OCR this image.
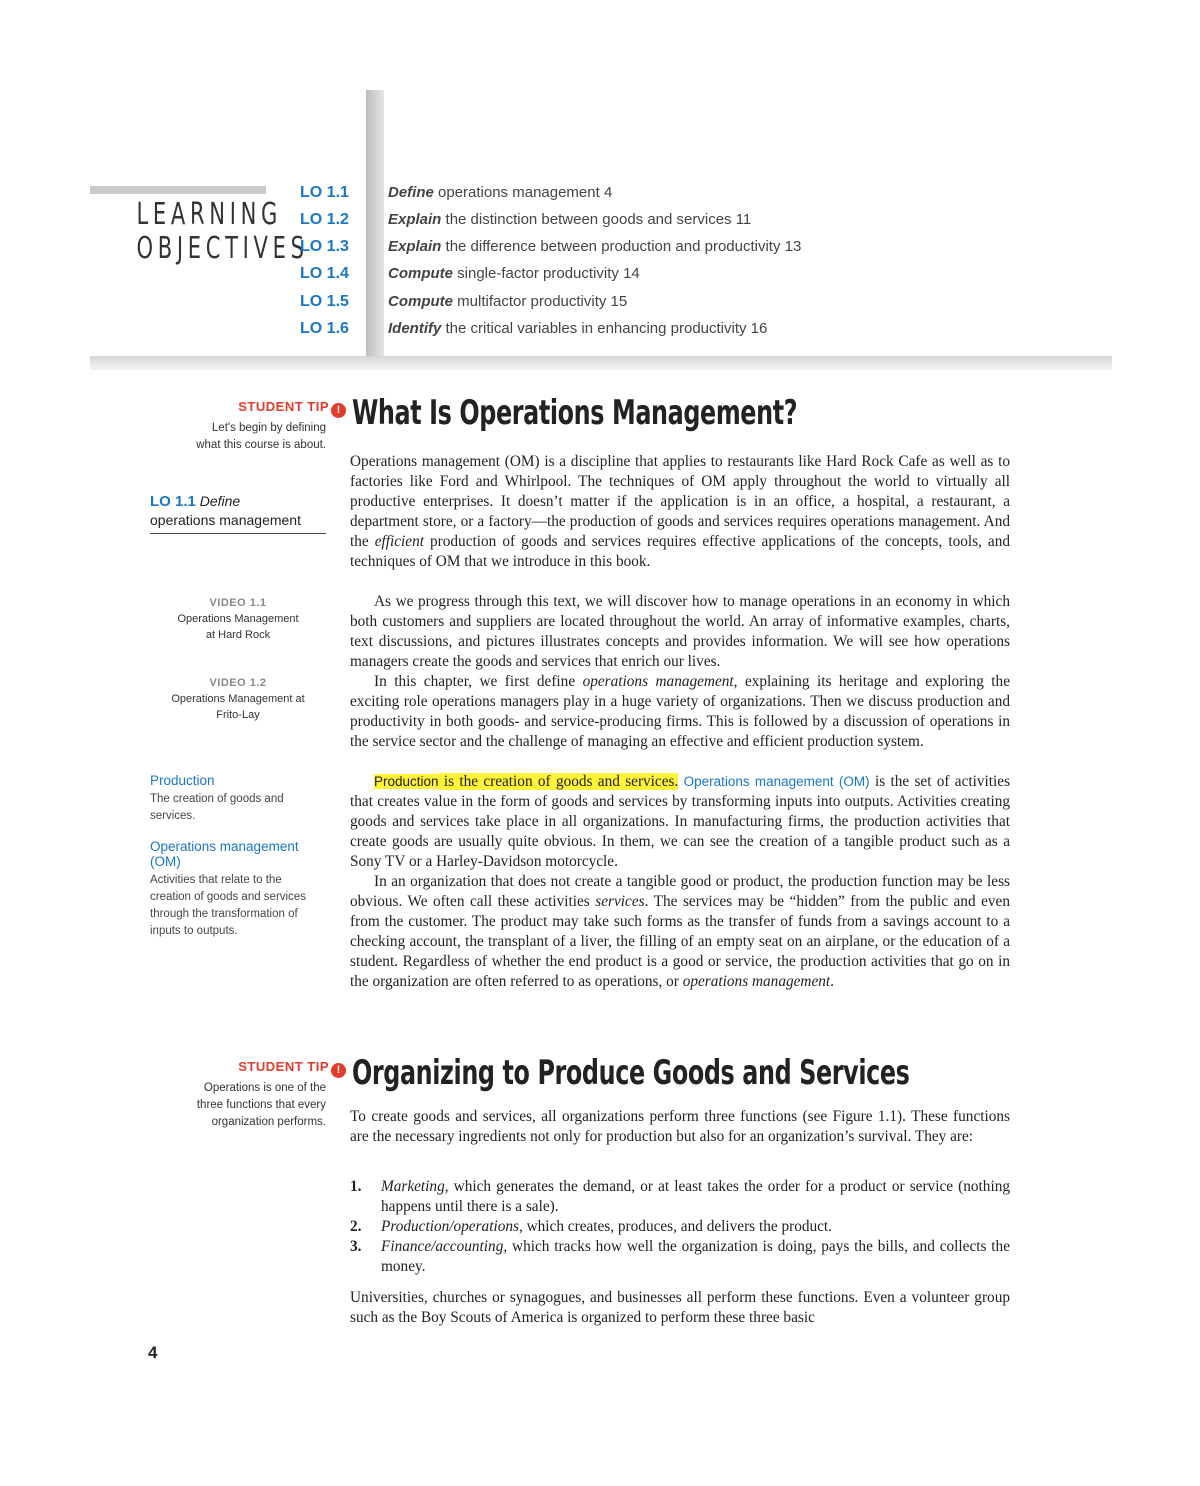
LEARNING
OBJECTIVES
LO 1.1	Define operations management 4
LO 1.2	Explain the distinction between goods and services 11
LO 1.3	Explain the difference between production and productivity 13
LO 1.4	Compute single-factor productivity 14
LO 1.5	Compute multifactor productivity 15
LO 1.6	Identify the critical variables in enhancing productivity 16
STUDENT TIP !
Let's begin by defining what this course is about.
LO 1.1 Define
operations management
VIDEO 1.1
Operations Management
at Hard Rock
VIDEO 1.2
Operations Management at
Frito-Lay
Production
The creation of goods and services.
Operations management (OM)
Activities that relate to the creation of goods and services through the transformation of inputs to outputs.
STUDENT TIP !
Operations is one of the three functions that every organization performs.
What Is Operations Management?

Operations management (OM) is a discipline that applies to restaurants like Hard Rock Cafe as well as to factories like Ford and Whirlpool. The techniques of OM apply throughout the world to virtually all productive enterprises. It doesn’t matter if the application is in an office, a hospital, a restaurant, a department store, or a factory—the production of goods and services requires operations management. And the efficient production of goods and services requires effective applications of the concepts, tools, and techniques of OM that we introduce in this book.

As we progress through this text, we will discover how to manage operations in an economy in which both customers and suppliers are located throughout the world. An array of informative examples, charts, text discussions, and pictures illustrates concepts and provides information. We will see how operations managers create the goods and services that enrich our lives.

In this chapter, we first define operations management, explaining its heritage and exploring the exciting role operations managers play in a huge variety of organizations. Then we discuss production and productivity in both goods- and service-producing firms. This is followed by a discussion of operations in the service sector and the challenge of managing an effective and efficient production system.

Production is the creation of goods and services. Operations management (OM) is the set of activities that creates value in the form of goods and services by transforming inputs into outputs. Activities creating goods and services take place in all organizations. In manufacturing firms, the production activities that create goods are usually quite obvious. In them, we can see the creation of a tangible product such as a Sony TV or a Harley-Davidson motorcycle.

In an organization that does not create a tangible good or product, the production function may be less obvious. We often call these activities services. The services may be “hidden” from the public and even from the customer. The product may take such forms as the transfer of funds from a savings account to a checking account, the transplant of a liver, the filling of an empty seat on an airplane, or the education of a student. Regardless of whether the end product is a good or service, the production activities that go on in the organization are often referred to as operations, or operations management.

Organizing to Produce Goods and Services

To create goods and services, all organizations perform three functions (see Figure 1.1). These functions are the necessary ingredients not only for production but also for an organization’s survival. They are:

1.	Marketing, which generates the demand, or at least takes the order for a product or service (nothing happens until there is a sale).
2.	Production/operations, which creates, produces, and delivers the product.
3.	Finance/accounting, which tracks how well the organization is doing, pays the bills, and collects the money.

Universities, churches or synagogues, and businesses all perform these functions. Even a volunteer group such as the Boy Scouts of America is organized to perform these three basic

4
